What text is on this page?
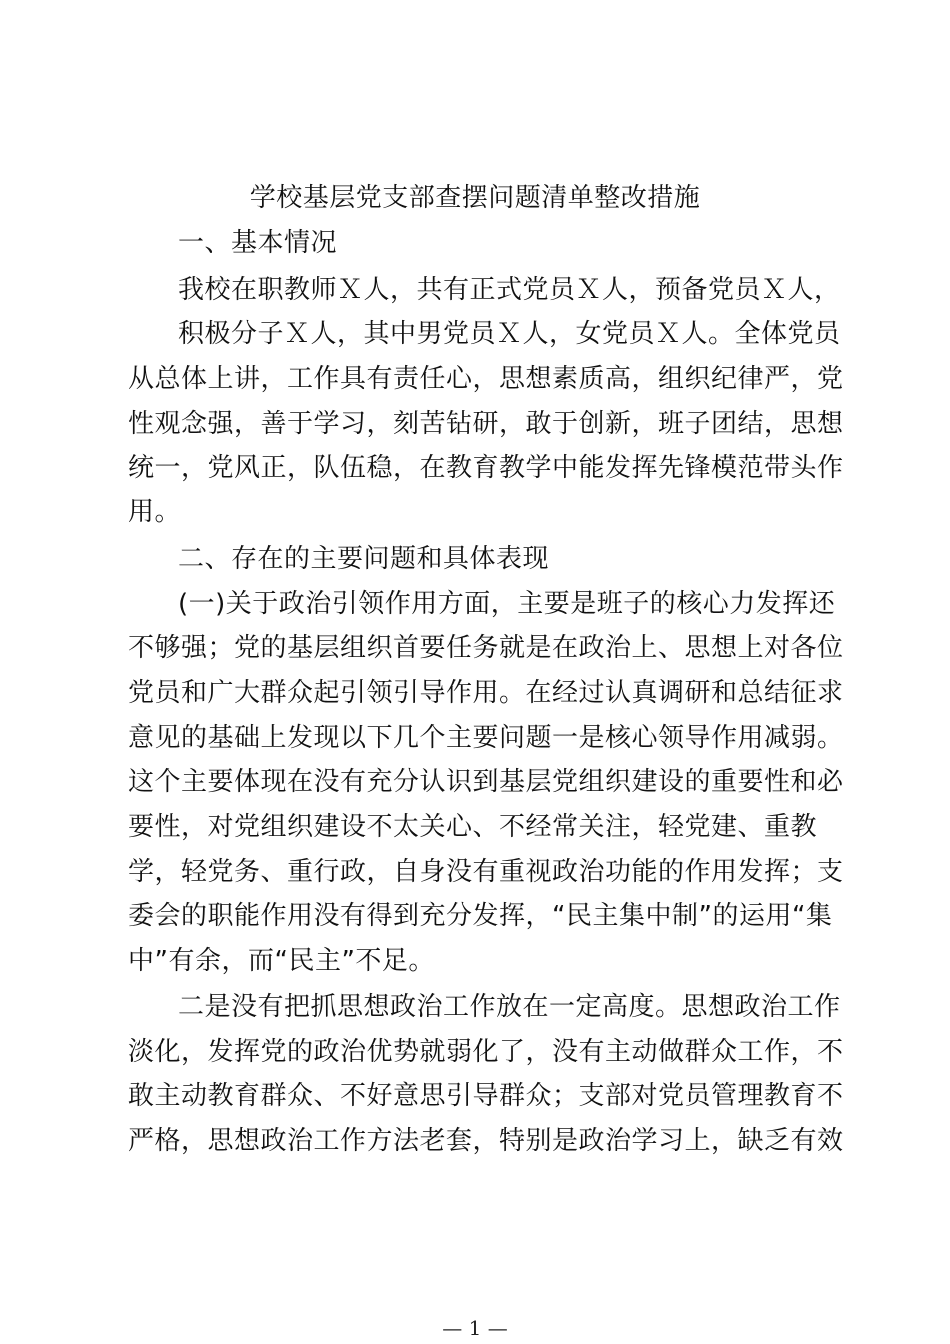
学校基层党支部查摆问题清单整改措施
一、基本情况
我校在职教师Ｘ人，共有正式党员Ｘ人，预备党员Ｘ人，
积极分子Ｘ人，其中男党员Ｘ人，女党员Ｘ人。全体党员
从总体上讲，工作具有责任心，思想素质高，组织纪律严，党
性观念强，善于学习，刻苦钻研，敢于创新，班子团结，思想
统一，党风正，队伍稳，在教育教学中能发挥先锋模范带头作
用。
二、存在的主要问题和具体表现
(一)关于政治引领作用方面，主要是班子的核心力发挥还
不够强；党的基层组织首要任务就是在政治上、思想上对各位
党员和广大群众起引领引导作用。在经过认真调研和总结征求
意见的基础上发现以下几个主要问题一是核心领导作用减弱。
这个主要体现在没有充分认识到基层党组织建设的重要性和必
要性，对党组织建设不太关心、不经常关注，轻党建、重教
学，轻党务、重行政，自身没有重视政治功能的作用发挥；支
委会的职能作用没有得到充分发挥，“民主集中制”的运用“集
中”有余，而“民主”不足。
二是没有把抓思想政治工作放在一定高度。思想政治工作
淡化，发挥党的政治优势就弱化了，没有主动做群众工作，不
敢主动教育群众、不好意思引导群众；支部对党员管理教育不
严格，思想政治工作方法老套，特别是政治学习上，缺乏有效
— 1 —
